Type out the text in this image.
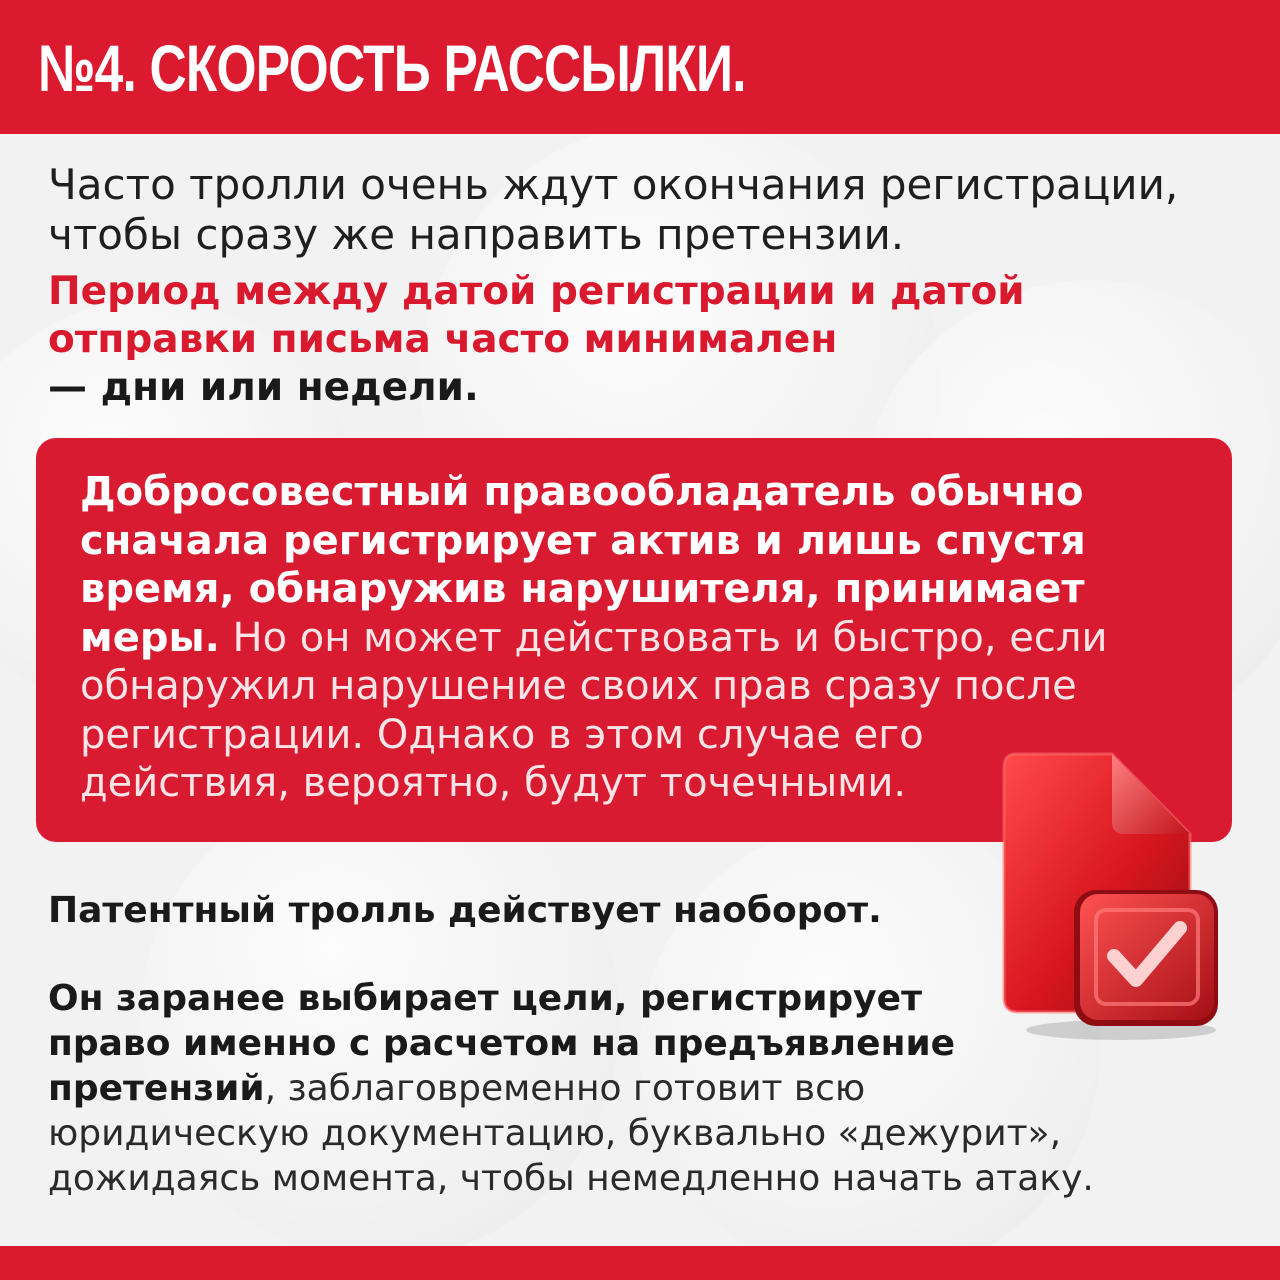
№4. СКОРОСТЬ РАССЫЛКИ.
Часто тролли очень ждут окончания регистрации,
чтобы сразу же направить претензии.
Период между датой регистрации и датой
отправки письма часто минимален
— дни или недели.
Добросовестный правообладатель обычно
сначала регистрирует актив и лишь спустя
время, обнаружив нарушителя, принимает
меры. Но он может действовать и быстро, если
обнаружил нарушение своих прав сразу после
регистрации. Однако в этом случае его
действия, вероятно, будут точечными.
Патентный тролль действует наоборот.
Он заранее выбирает цели, регистрирует
право именно с расчетом на предъявление
претензий, заблаговременно готовит всю
юридическую документацию, буквально «дежурит»,
дожидаясь момента, чтобы немедленно начать атаку.
